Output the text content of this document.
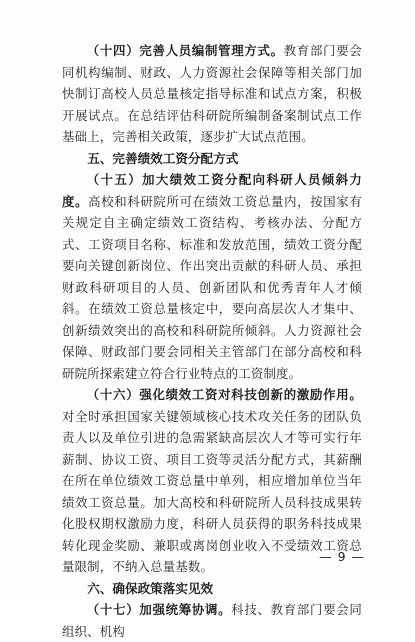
（十四）完善人员编制管理方式。教育部门要会同机构编制、财政、人力资源社会保障等相关部门加快制订高校人员总量核定指导标准和试点方案，积极开展试点。在总结评估科研院所编制备案制试点工作基础上，完善相关政策，逐步扩大试点范围。

五、完善绩效工资分配方式

（十五）加大绩效工资分配向科研人员倾斜力度。高校和科研院所可在绩效工资总量内，按国家有关规定自主确定绩效工资结构、考核办法、分配方式、工资项目名称、标准和发放范围，绩效工资分配要向关键创新岗位、作出突出贡献的科研人员、承担财政科研项目的人员、创新团队和优秀青年人才倾斜。在绩效工资总量核定中，要向高层次人才集中、创新绩效突出的高校和科研院所倾斜。人力资源社会保障、财政部门要会同相关主管部门在部分高校和科研院所探索建立符合行业特点的工资制度。

（十六）强化绩效工资对科技创新的激励作用。对全时承担国家关键领域核心技术攻关任务的团队负责人以及单位引进的急需紧缺高层次人才等可实行年薪制、协议工资、项目工资等灵活分配方式，其薪酬在所在单位绩效工资总量中单列，相应增加单位当年绩效工资总量。加大高校和科研院所人员科技成果转化股权期权激励力度，科研人员获得的职务科技成果转化现金奖励、兼职或离岗创业收入不受绩效工资总量限制，不纳入总量基数。

六、确保政策落实见效

（十七）加强统筹协调。科技、教育部门要会同组织、机构

— 9 —
